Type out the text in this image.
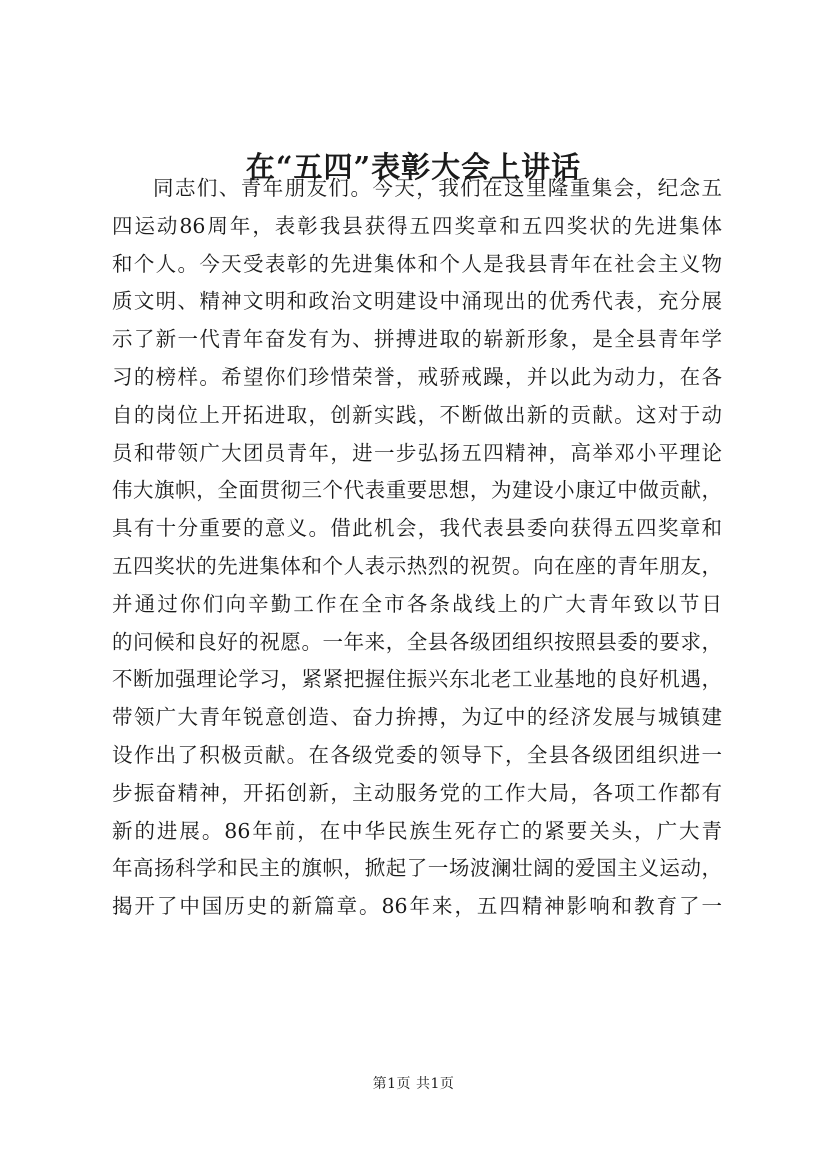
在“五四”表彰大会上讲话
同志们、青年朋友们。今天，我们在这里隆重集会，纪念五
四运动86周年，表彰我县获得五四奖章和五四奖状的先进集体
和个人。今天受表彰的先进集体和个人是我县青年在社会主义物
质文明、精神文明和政治文明建设中涌现出的优秀代表，充分展
示了新一代青年奋发有为、拼搏进取的崭新形象，是全县青年学
习的榜样。希望你们珍惜荣誉，戒骄戒躁，并以此为动力，在各
自的岗位上开拓进取，创新实践，不断做出新的贡献。这对于动
员和带领广大团员青年，进一步弘扬五四精神，高举邓小平理论
伟大旗帜，全面贯彻三个代表重要思想，为建设小康辽中做贡献，
具有十分重要的意义。借此机会，我代表县委向获得五四奖章和
五四奖状的先进集体和个人表示热烈的祝贺。向在座的青年朋友，
并通过你们向辛勤工作在全市各条战线上的广大青年致以节日
的问候和良好的祝愿。一年来，全县各级团组织按照县委的要求，
不断加强理论学习，紧紧把握住振兴东北老工业基地的良好机遇，
带领广大青年锐意创造、奋力拚搏，为辽中的经济发展与城镇建
设作出了积极贡献。在各级党委的领导下，全县各级团组织进一
步振奋精神，开拓创新，主动服务党的工作大局，各项工作都有
新的进展。86年前，在中华民族生死存亡的紧要关头，广大青
年高扬科学和民主的旗帜，掀起了一场波澜壮阔的爱国主义运动，
揭开了中国历史的新篇章。86年来，五四精神影响和教育了一
第1页 共1页
